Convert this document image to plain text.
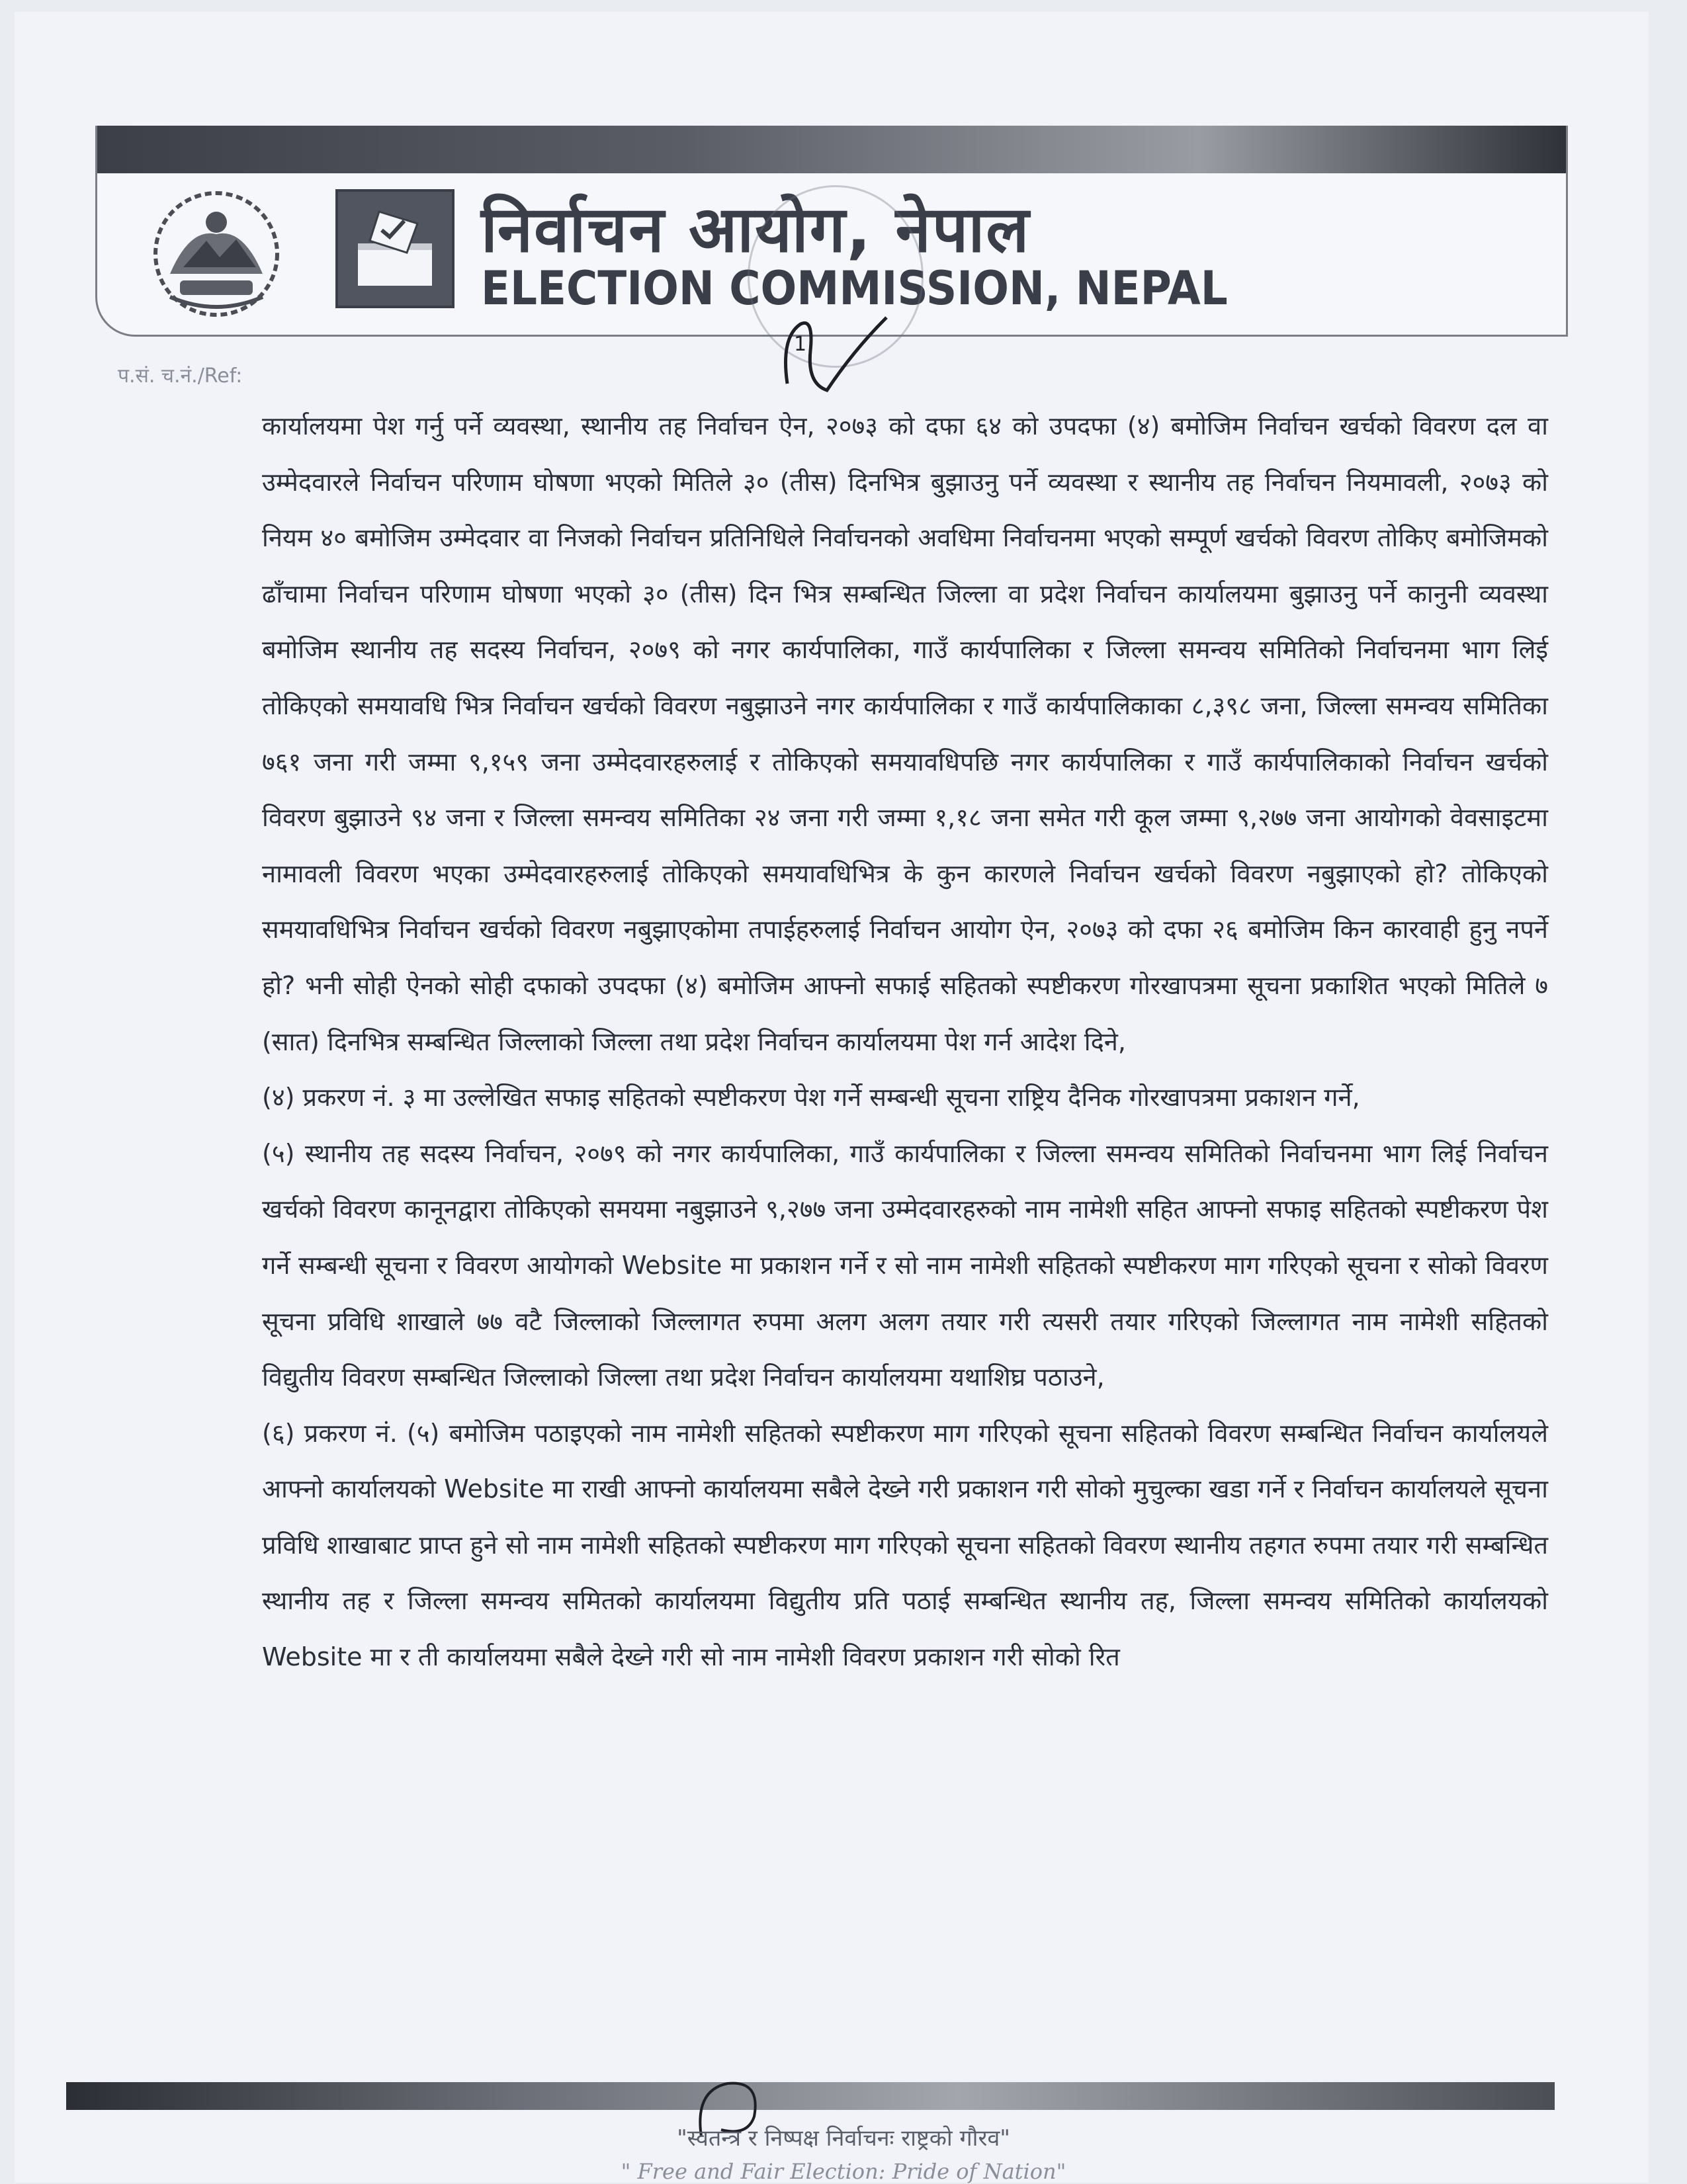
निर्वाचन आयोग, नेपाल
ELECTION COMMISSION, NEPAL
1
प.सं. च.नं./Ref:

कार्यालयमा पेश गर्नु पर्ने व्यवस्था, स्थानीय तह निर्वाचन ऐन, २०७३ को दफा ६४ को उपदफा (४) बमोजिम निर्वाचन खर्चको विवरण दल वा उम्मेदवारले निर्वाचन परिणाम घोषणा भएको मितिले ३० (तीस) दिनभित्र बुझाउनु पर्ने व्यवस्था र स्थानीय तह निर्वाचन नियमावली, २०७३ को नियम ४० बमोजिम उम्मेदवार वा निजको निर्वाचन प्रतिनिधिले निर्वाचनको अवधिमा निर्वाचनमा भएको सम्पूर्ण खर्चको विवरण तोकिए बमोजिमको ढाँचामा निर्वाचन परिणाम घोषणा भएको ३० (तीस) दिन भित्र सम्बन्धित जिल्ला वा प्रदेश निर्वाचन कार्यालयमा बुझाउनु पर्ने कानुनी व्यवस्था बमोजिम स्थानीय तह सदस्य निर्वाचन, २०७९ को नगर कार्यपालिका, गाउँ कार्यपालिका र जिल्ला समन्वय समितिको निर्वाचनमा भाग लिई तोकिएको समयावधि भित्र निर्वाचन खर्चको विवरण नबुझाउने नगर कार्यपालिका र गाउँ कार्यपालिकाका ८,३९८ जना, जिल्ला समन्वय समितिका ७६१ जना गरी जम्मा ९,१५९ जना उम्मेदवारहरुलाई र तोकिएको समयावधिपछि नगर कार्यपालिका र गाउँ कार्यपालिकाको निर्वाचन खर्चको विवरण बुझाउने ९४ जना र जिल्ला समन्वय समितिका २४ जना गरी जम्मा १,१८ जना समेत गरी कूल जम्मा ९,२७७ जना आयोगको वेवसाइटमा नामावली विवरण भएका उम्मेदवारहरुलाई तोकिएको समयावधिभित्र के कुन कारणले निर्वाचन खर्चको विवरण नबुझाएको हो? तोकिएको समयावधिभित्र निर्वाचन खर्चको विवरण नबुझाएकोमा तपाईहरुलाई निर्वाचन आयोग ऐन, २०७३ को दफा २६ बमोजिम किन कारवाही हुनु नपर्ने हो? भनी सोही ऐनको सोही दफाको उपदफा (४) बमोजिम आफ्नो सफाई सहितको स्पष्टीकरण गोरखापत्रमा सूचना प्रकाशित भएको मितिले ७ (सात) दिनभित्र सम्बन्धित जिल्लाको जिल्ला तथा प्रदेश निर्वाचन कार्यालयमा पेश गर्न आदेश दिने,

(४) प्रकरण नं. ३ मा उल्लेखित सफाइ सहितको स्पष्टीकरण पेश गर्ने सम्बन्धी सूचना राष्ट्रिय दैनिक गोरखापत्रमा प्रकाशन गर्ने,

(५) स्थानीय तह सदस्य निर्वाचन, २०७९ को नगर कार्यपालिका, गाउँ कार्यपालिका र जिल्ला समन्वय समितिको निर्वाचनमा भाग लिई निर्वाचन खर्चको विवरण कानूनद्वारा तोकिएको समयमा नबुझाउने ९,२७७ जना उम्मेदवारहरुको नाम नामेशी सहित आफ्नो सफाइ सहितको स्पष्टीकरण पेश गर्ने सम्बन्धी सूचना र विवरण आयोगको Website मा प्रकाशन गर्ने र सो नाम नामेशी सहितको स्पष्टीकरण माग गरिएको सूचना र सोको विवरण सूचना प्रविधि शाखाले ७७ वटै जिल्लाको जिल्लागत रुपमा अलग अलग तयार गरी त्यसरी तयार गरिएको जिल्लागत नाम नामेशी सहितको विद्युतीय विवरण सम्बन्धित जिल्लाको जिल्ला तथा प्रदेश निर्वाचन कार्यालयमा यथाशिघ्र पठाउने,

(६) प्रकरण नं. (५) बमोजिम पठाइएको नाम नामेशी सहितको स्पष्टीकरण माग गरिएको सूचना सहितको विवरण सम्बन्धित निर्वाचन कार्यालयले आफ्नो कार्यालयको Website मा राखी आफ्नो कार्यालयमा सबैले देख्ने गरी प्रकाशन गरी सोको मुचुल्का खडा गर्ने र निर्वाचन कार्यालयले सूचना प्रविधि शाखाबाट प्राप्त हुने सो नाम नामेशी सहितको स्पष्टीकरण माग गरिएको सूचना सहितको विवरण स्थानीय तहगत रुपमा तयार गरी सम्बन्धित स्थानीय तह र जिल्ला समन्वय समितको कार्यालयमा विद्युतीय प्रति पठाई सम्बन्धित स्थानीय तह, जिल्ला समन्वय समितिको कार्यालयको Website मा र ती कार्यालयमा सबैले देख्ने गरी सो नाम नामेशी विवरण प्रकाशन गरी सोको रित

"स्वतन्त्र र निष्पक्ष निर्वाचनः राष्ट्रको गौरव"
" Free and Fair Election: Pride of Nation"
